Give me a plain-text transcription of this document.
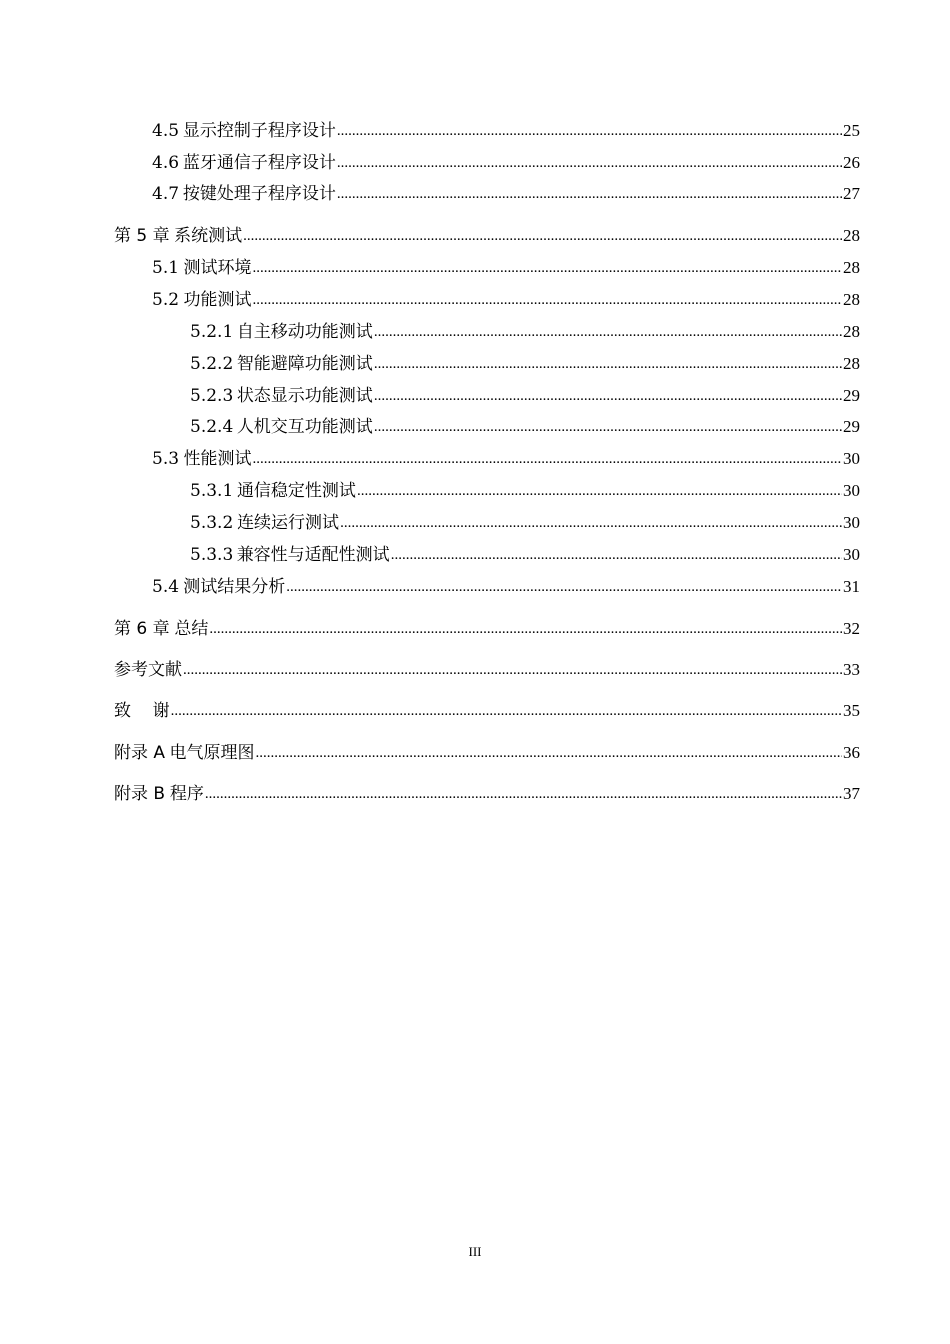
4.5 显示控制子程序设计 .....	25
4.6 蓝牙通信子程序设计 .....	26
4.7 按键处理子程序设计 .....	27
第 5 章 系统测试 .....	28
5.1 测试环境 .....	28
5.2 功能测试 .....	28
5.2.1 自主移动功能测试 .....	28
5.2.2 智能避障功能测试 .....	28
5.2.3 状态显示功能测试 .....	29
5.2.4 人机交互功能测试 .....	29
5.3 性能测试 .....	30
5.3.1 通信稳定性测试 .....	30
5.3.2 连续运行测试 .....	30
5.3.3 兼容性与适配性测试 .....	30
5.4 测试结果分析 .....	31
第 6 章 总结 .....	32
参考文献 .....	33
致    谢 .....	35
附录 A 电气原理图 .....	36
附录 B 程序 .....	37
III
